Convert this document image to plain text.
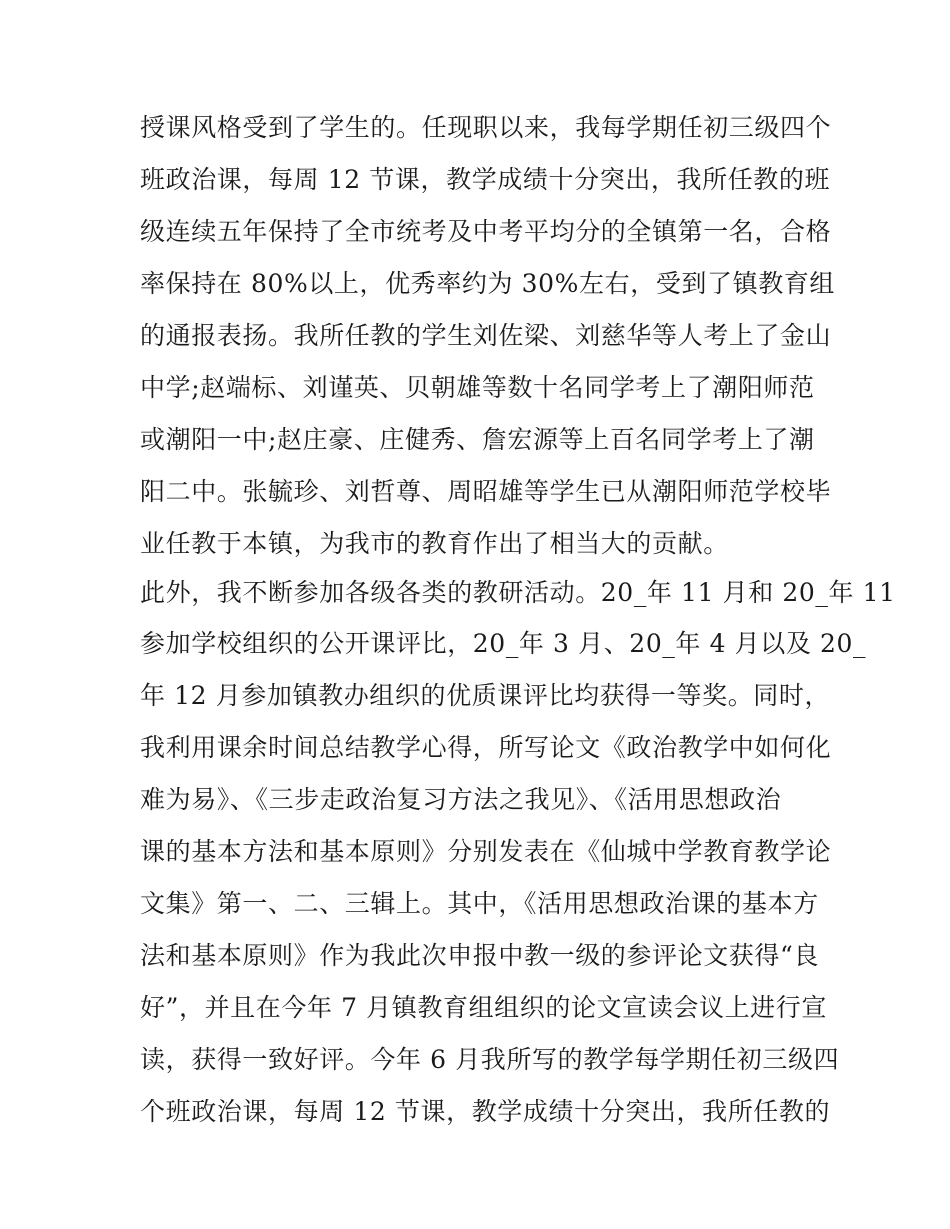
授课风格受到了学生的。任现职以来，我每学期任初三级四个
班政治课，每周 12 节课，教学成绩十分突出，我所任教的班
级连续五年保持了全市统考及中考平均分的全镇第一名，合格
率保持在 80%以上，优秀率约为 30%左右，受到了镇教育组
的通报表扬。我所任教的学生刘佐梁、刘慈华等人考上了金山
中学;赵端标、刘谨英、贝朝雄等数十名同学考上了潮阳师范
或潮阳一中;赵庄豪、庄健秀、詹宏源等上百名同学考上了潮
阳二中。张毓珍、刘哲尊、周昭雄等学生已从潮阳师范学校毕
业任教于本镇，为我市的教育作出了相当大的贡献。
此外，我不断参加各级各类的教研活动。20_年 11 月和 20_年 11
参加学校组织的公开课评比，20_年 3 月、20_年 4 月以及 20_
年 12 月参加镇教办组织的优质课评比均获得一等奖。同时，
我利用课余时间总结教学心得，所写论文《政治教学中如何化
难为易》、《三步走政治复习方法之我见》、《活用思想政治
课的基本方法和基本原则》分别发表在《仙城中学教育教学论
文集》第一、二、三辑上。其中，《活用思想政治课的基本方
法和基本原则》作为我此次申报中教一级的参评论文获得“良
好”，并且在今年 7 月镇教育组组织的论文宣读会议上进行宣
读，获得一致好评。今年 6 月我所写的教学每学期任初三级四
个班政治课，每周 12 节课，教学成绩十分突出，我所任教的
